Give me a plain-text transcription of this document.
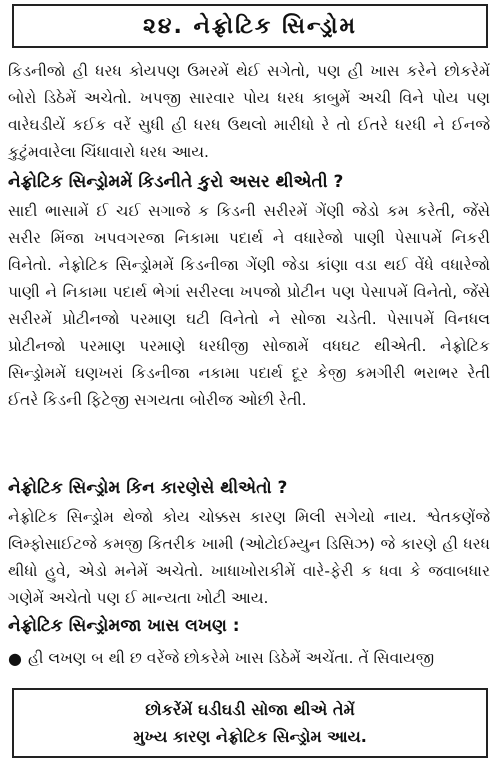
૨૪. નેફ્રોટિક સિન્ડ્રોમ

કિડનીજો હી ધરધ કોયપણ ઉમરમેં થેઈ સગેતો, પણ હી ખાસ કરેને છોકરેમેં બોરો ડિઠેમેં અચેતો. ખપજી સારવાર પોય ધરધ કાબુમેં અચી વિને પોય પણ વારેઘડીયેં કઈક વરેં સુધી હી ધરધ ઉથલો મારીધો રે તો ઈતરે ધરધી ને ઈનજે કુટુંમવારેલા ચિંધાવારો ધરધ આય.

નેફ્રોટિક સિન્ડ્રોમમેં કિડનીતે કુરો અસર થીએતી ?

સાદી ભાસામેં ઈ ચઈ સગાજે ક કિડની સરીરમેં ગેંણી જેડો કમ કરેતી, જેંસે સરીર મિંજા ખપવગરજા નિકામા પદાર્થ ને વધારેજો પાણી પેસાપમેં નિકરી વિનેતો. નેફ્રોટિક સિન્ડ્રોમમેં કિડનીજા ગેંણી જેડા કાંણા વડા થઈ વેંધે વધારેજો પાણી ને નિકામા પદાર્થ ભેગાં સરીરલા ખપજો પ્રોટીન પણ પેસાપમેં વિનેતો, જેંસે સરીરમેં પ્રોટીનજો પરમાણ ઘટી વિનેતો ને સોજા ચડેતી. પેસાપમેં વિનધલ પ્રોટીનજો પરમાણ પરમાણે ધરધીજી સોજામેં વધઘટ થીએતી. નેફ્રોટિક સિન્ડ્રોમમેં ઘણખરાં કિડનીજા નકામા પદાર્થ દૂર કેજી કમગીરી ભરાભર રેતી ઈતરે કિડની ફિટેજી સગયતા બોરીજ ઓછી રેતી.

નેફ્રોટિક સિન્ડ્રોમ કિન કારણેસે થીએતો ?

નેફ્રોટિક સિન્ડ્રોમ થેજો કોય ચોક્કસ કારણ મિલી સગેયો નાય. શ્વેતકણેંજે લિમ્ફોસાઈટજે કમજી કિતરીક ખામી (ઓટોઈમ્યુન ડિસિઝ) જે કારણે હી ધરધ થીધો હુવે, એડો મનેમેં અચેતો. ખાધાખોરાકીમેં વારે-ફેરી ક ધવા કે જવાબધાર ગણેમેં અચેતો પણ ઈ માન્યતા ખોટી આય.

નેફ્રોટિક સિન્ડ્રોમજા ખાસ લખણ :
● હી લખણ બ થી છ વરેંજે છોકરેમે ખાસ ડિઠેમેં અચેંતા. તેં સિવાયજી
છોકરેંમેં ઘડીઘડી સોજા થીએ તેમેં
મુખ્ય કારણ નેફ્રોટિક સિન્ડ્રોમ આય.
